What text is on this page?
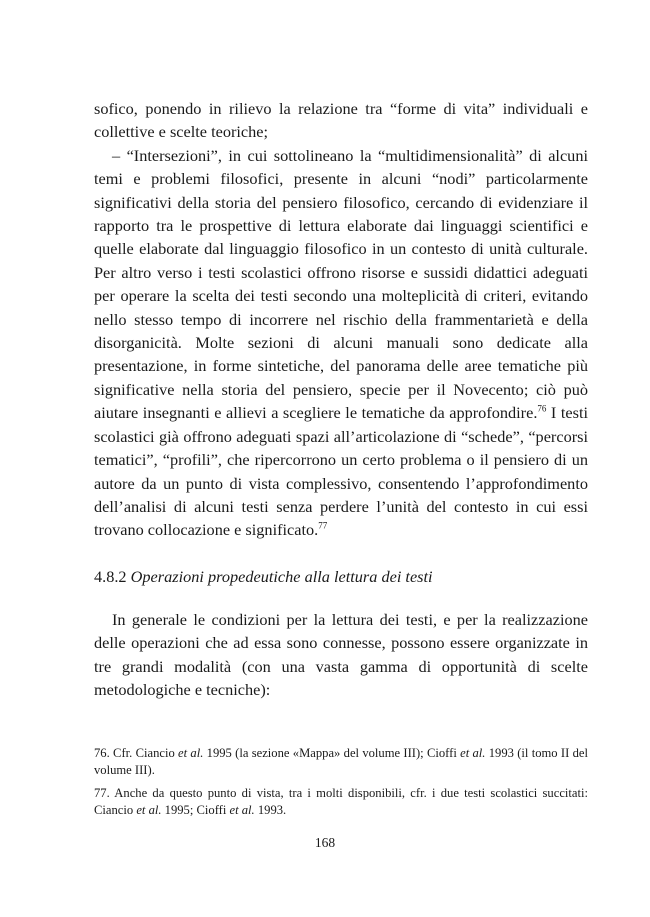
sofico, ponendo in rilievo la relazione tra “forme di vita” individuali e collettive e scelte teoriche;

– “Intersezioni”, in cui sottolineano la “multidimensionalità” di alcuni temi e problemi filosofici, presente in alcuni “nodi” particolarmente significativi della storia del pensiero filosofico, cercando di evidenziare il rapporto tra le prospettive di lettura elaborate dai linguaggi scientifici e quelle elaborate dal linguaggio filosofico in un contesto di unità culturale. Per altro verso i testi scolastici offrono risorse e sussidi didattici adeguati per operare la scelta dei testi secondo una molteplicità di criteri, evitando nello stesso tempo di incorrere nel rischio della frammentarietà e della disorganicità. Molte sezioni di alcuni manuali sono dedicate alla presentazione, in forme sintetiche, del panorama delle aree tematiche più significative nella storia del pensiero, specie per il Novecento; ciò può aiutare insegnanti e allievi a scegliere le tematiche da approfondire.$^{76}$ I testi scolastici già offrono adeguati spazi all’articolazione di “schede”, “percorsi tematici”, “profili”, che ripercorrono un certo problema o il pensiero di un autore da un punto di vista complessivo, consentendo l’approfondimento dell’analisi di alcuni testi senza perdere l’unità del contesto in cui essi trovano collocazione e significato.$^{77}$

4.8.2 Operazioni propedeutiche alla lettura dei testi

In generale le condizioni per la lettura dei testi, e per la realizzazione delle operazioni che ad essa sono connesse, possono essere organizzate in tre grandi modalità (con una vasta gamma di opportunità di scelte metodologiche e tecniche):

76. Cfr. Ciancio et al. 1995 (la sezione «Mappa» del volume III); Cioffi et al. 1993 (il tomo II del volume III).

77. Anche da questo punto di vista, tra i molti disponibili, cfr. i due testi scolastici succitati: Ciancio et al. 1995; Cioffi et al. 1993.

168
